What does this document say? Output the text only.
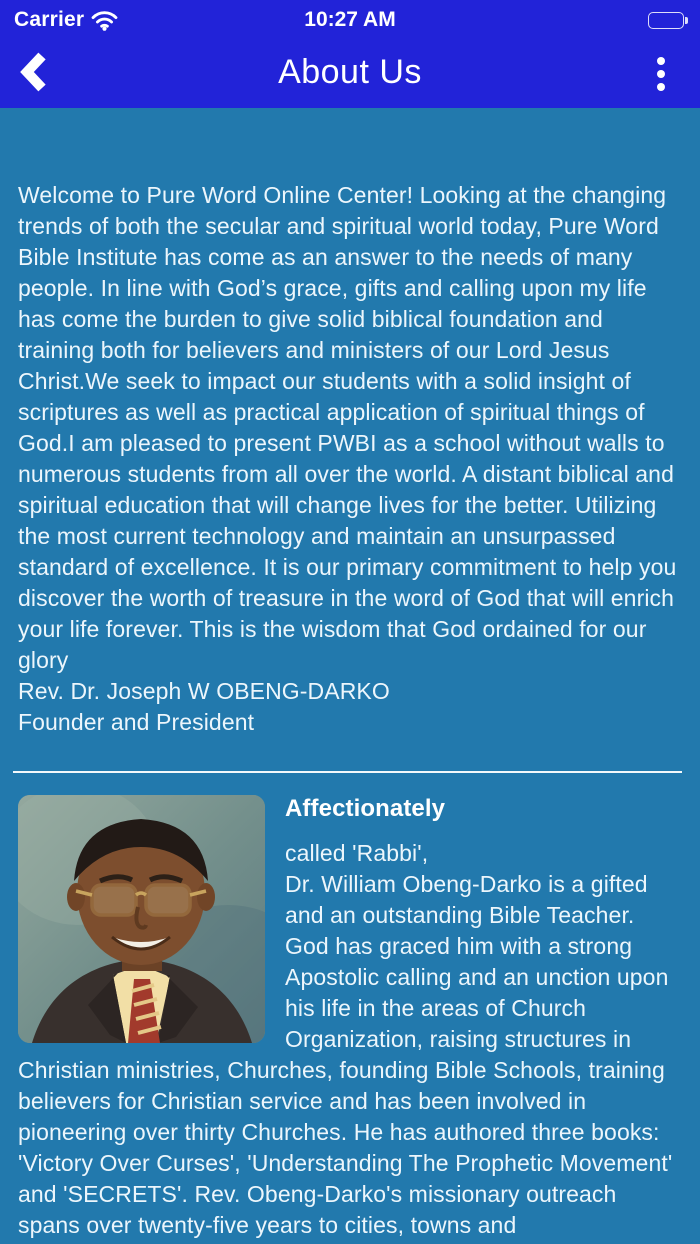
Carrier	10:27 AM
About Us

Welcome to Pure Word Online Center! Looking at the changing trends of both the secular and spiritual world today, Pure Word Bible Institute has come as an answer to the needs of many people. In line with God’s grace, gifts and calling upon my life has come the burden to give solid biblical foundation and training both for believers and ministers of our Lord Jesus Christ.We seek to impact our students with a solid insight of scriptures as well as practical application of spiritual things of God.I am pleased to present PWBI as a school without walls to numerous students from all over the world. A distant biblical and spiritual education that will change lives for the better. Utilizing the most current technology and maintain an unsurpassed standard of excellence. It is our primary commitment to help you discover the worth of treasure in the word of God that will enrich your life forever. This is the wisdom that God ordained for our glory
Rev. Dr. Joseph W OBENG-DARKO
Founder and President

Affectionately

called 'Rabbi',

Dr. William Obeng-Darko is a gifted and an outstanding Bible Teacher. God has graced him with a strong Apostolic calling and an unction upon his life in the areas of Church Organization, raising structures in Christian ministries, Churches, founding Bible Schools, training believers for Christian service and has been involved in pioneering over thirty Churches. He has authored three books: 'Victory Over Curses', 'Understanding The Prophetic Movement' and 'SECRETS'. Rev. Obeng-Darko's missionary outreach spans over twenty-five years to cities, towns and
